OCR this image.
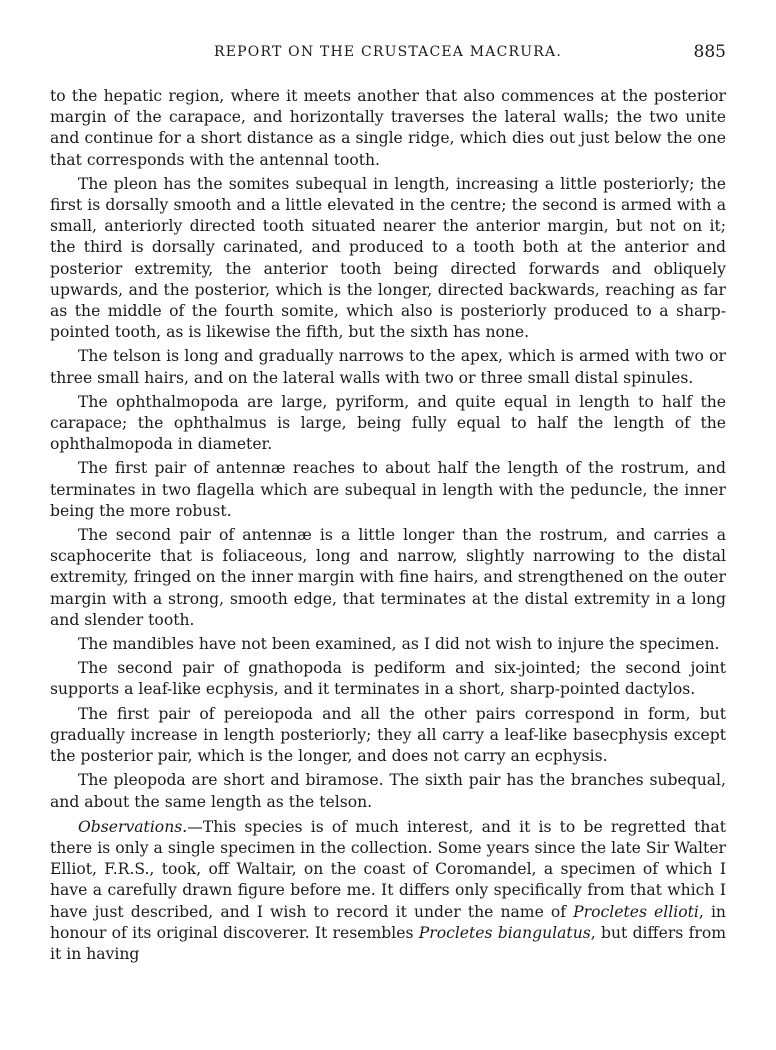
REPORT ON THE CRUSTACEA MACRURA.	885

to the hepatic region, where it meets another that also commences at the posterior margin of the carapace, and horizontally traverses the lateral walls; the two unite and continue for a short distance as a single ridge, which dies out just below the one that corresponds with the antennal tooth.

The pleon has the somites subequal in length, increasing a little posteriorly; the first is dorsally smooth and a little elevated in the centre; the second is armed with a small, anteriorly directed tooth situated nearer the anterior margin, but not on it; the third is dorsally carinated, and produced to a tooth both at the anterior and posterior extremity, the anterior tooth being directed forwards and obliquely upwards, and the posterior, which is the longer, directed backwards, reaching as far as the middle of the fourth somite, which also is posteriorly produced to a sharp-pointed tooth, as is likewise the fifth, but the sixth has none.

The telson is long and gradually narrows to the apex, which is armed with two or three small hairs, and on the lateral walls with two or three small distal spinules.

The ophthalmopoda are large, pyriform, and quite equal in length to half the carapace; the ophthalmus is large, being fully equal to half the length of the ophthalmopoda in diameter.

The first pair of antennæ reaches to about half the length of the rostrum, and terminates in two flagella which are subequal in length with the peduncle, the inner being the more robust.

The second pair of antennæ is a little longer than the rostrum, and carries a scaphocerite that is foliaceous, long and narrow, slightly narrowing to the distal extremity, fringed on the inner margin with fine hairs, and strengthened on the outer margin with a strong, smooth edge, that terminates at the distal extremity in a long and slender tooth.

The mandibles have not been examined, as I did not wish to injure the specimen.

The second pair of gnathopoda is pediform and six-jointed; the second joint supports a leaf-like ecphysis, and it terminates in a short, sharp-pointed dactylos.

The first pair of pereiopoda and all the other pairs correspond in form, but gradually increase in length posteriorly; they all carry a leaf-like basecphysis except the posterior pair, which is the longer, and does not carry an ecphysis.

The pleopoda are short and biramose. The sixth pair has the branches subequal, and about the same length as the telson.

Observations.—This species is of much interest, and it is to be regretted that there is only a single specimen in the collection. Some years since the late Sir Walter Elliot, F.R.S., took, off Waltair, on the coast of Coromandel, a specimen of which I have a carefully drawn figure before me. It differs only specifically from that which I have just described, and I wish to record it under the name of Procletes ellioti, in honour of its original discoverer. It resembles Procletes biangulatus, but differs from it in having
